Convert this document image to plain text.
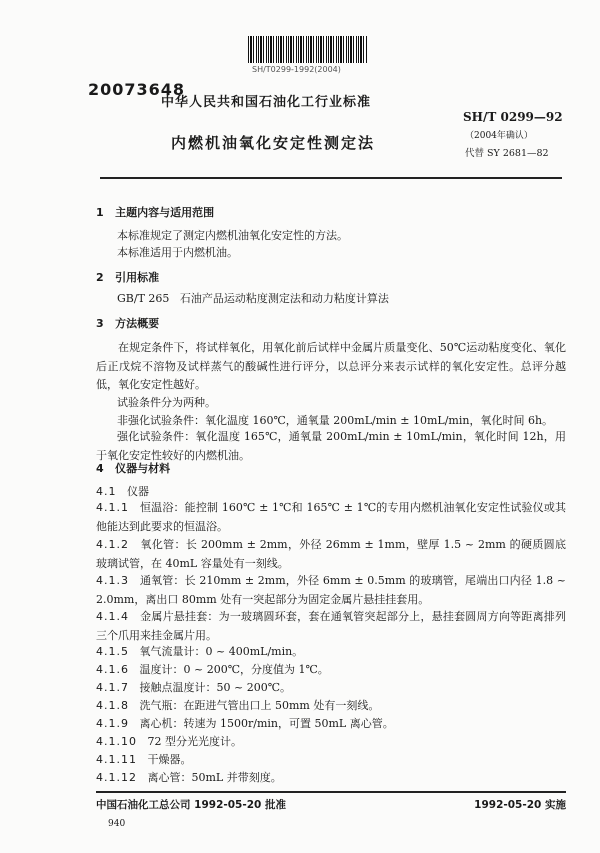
SH/T0299-1992(2004)
20073648
中华人民共和国石油化工行业标准
内燃机油氧化安定性测定法
SH/T 0299—92
（2004年确认）
代替 SY 2681—82
1 主题内容与适用范围
本标准规定了测定内燃机油氧化安定性的方法。
本标准适用于内燃机油。
2 引用标准
GB/T 265 石油产品运动粘度测定法和动力粘度计算法
3 方法概要
在规定条件下，将试样氧化，用氧化前后试样中金属片质量变化、50℃运动粘度变化、氧化后正戊烷不溶物及试样蒸气的酸碱性进行评分，以总评分来表示试样的氧化安定性。总评分越低，氧化安定性越好。
试验条件分为两种。
非强化试验条件：氧化温度 160℃，通氧量 200mL/min ± 10mL/min，氧化时间 6h。
强化试验条件：氧化温度 165℃，通氧量 200mL/min ± 10mL/min，氧化时间 12h，用于氧化安定性较好的内燃机油。
4 仪器与材料
4.1 仪器
4.1.1 恒温浴：能控制 160℃ ± 1℃和 165℃ ± 1℃的专用内燃机油氧化安定性试验仪或其他能达到此要求的恒温浴。
4.1.2 氧化管：长 200mm ± 2mm，外径 26mm ± 1mm，壁厚 1.5 ~ 2mm 的硬质圆底玻璃试管，在 40mL 容量处有一刻线。
4.1.3 通氧管：长 210mm ± 2mm，外径 6mm ± 0.5mm 的玻璃管，尾端出口内径 1.8 ~ 2.0mm，离出口 80mm 处有一突起部分为固定金属片悬挂挂套用。
4.1.4 金属片悬挂套：为一玻璃圆环套，套在通氧管突起部分上，悬挂套圆周方向等距离排列三个爪用来挂金属片用。
4.1.5 氧气流量计：0 ~ 400mL/min。
4.1.6 温度计：0 ~ 200℃，分度值为 1℃。
4.1.7 接触点温度计：50 ~ 200℃。
4.1.8 洗气瓶：在距进气管出口上 50mm 处有一刻线。
4.1.9 离心机：转速为 1500r/min，可置 50mL 离心管。
4.1.10 72 型分光光度计。
4.1.11 干燥器。
4.1.12 离心管：50mL 并带刻度。
中国石油化工总公司 1992-05-20 批准	1992-05-20 实施
940
